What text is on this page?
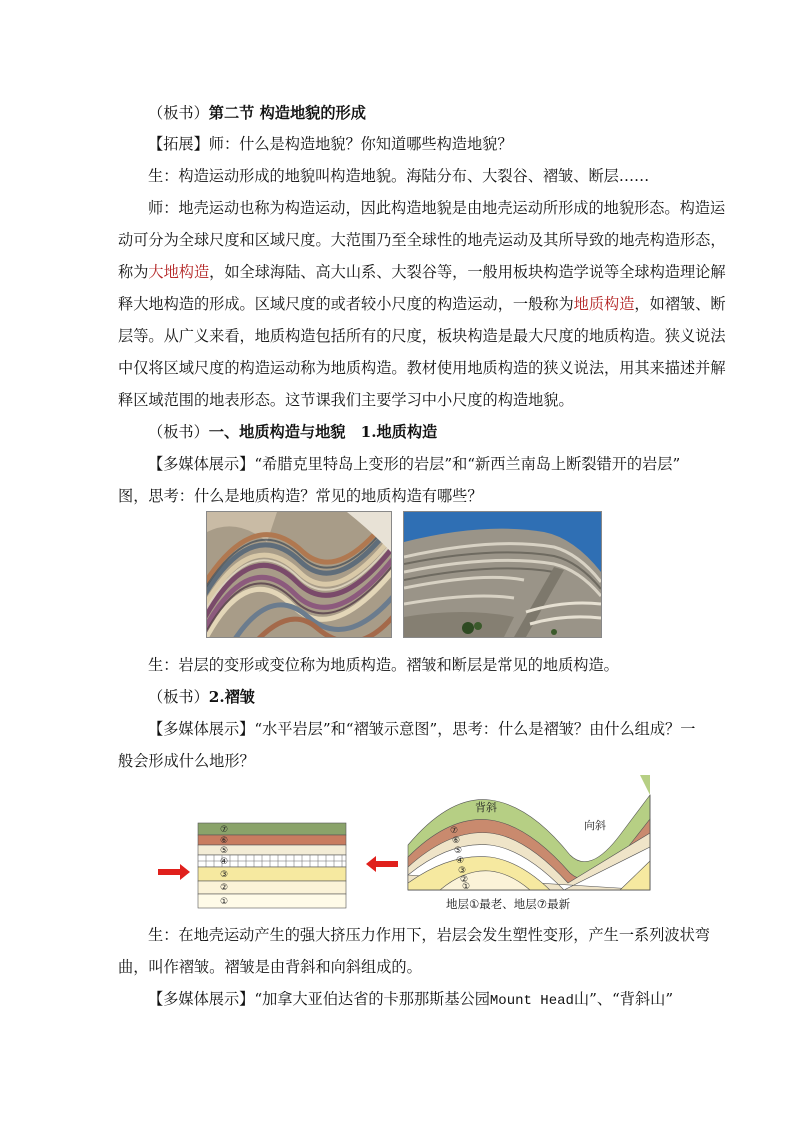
（板书）第二节 构造地貌的形成
【拓展】师：什么是构造地貌？你知道哪些构造地貌？
生：构造运动形成的地貌叫构造地貌。海陆分布、大裂谷、褶皱、断层……
师：地壳运动也称为构造运动，因此构造地貌是由地壳运动所形成的地貌形态。构造运
动可分为全球尺度和区域尺度。大范围乃至全球性的地壳运动及其所导致的地壳构造形态，
称为大地构造，如全球海陆、高大山系、大裂谷等，一般用板块构造学说等全球构造理论解
释大地构造的形成。区域尺度的或者较小尺度的构造运动，一般称为地质构造，如褶皱、断
层等。从广义来看，地质构造包括所有的尺度，板块构造是最大尺度的地质构造。狭义说法
中仅将区域尺度的构造运动称为地质构造。教材使用地质构造的狭义说法，用其来描述并解
释区域范围的地表形态。这节课我们主要学习中小尺度的构造地貌。
（板书）一、地质构造与地貌　1.地质构造
【多媒体展示】“希腊克里特岛上变形的岩层”和“新西兰南岛上断裂错开的岩层”
图，思考：什么是地质构造？常见的地质构造有哪些？
生：岩层的变形或变位称为地质构造。褶皱和断层是常见的地质构造。
（板书）2.褶皱
【多媒体展示】“水平岩层”和“褶皱示意图”，思考：什么是褶皱？由什么组成？一
般会形成什么地形？
⑦
⑥
⑤
④
③
②
①
⑦
⑥
⑤
④
③
②
①
背斜
向斜
地层①最老、地层⑦最新
生：在地壳运动产生的强大挤压力作用下，岩层会发生塑性变形，产生一系列波状弯
曲，叫作褶皱。褶皱是由背斜和向斜组成的。
【多媒体展示】“加拿大亚伯达省的卡那那斯基公园Mount Head山”、“背斜山”
